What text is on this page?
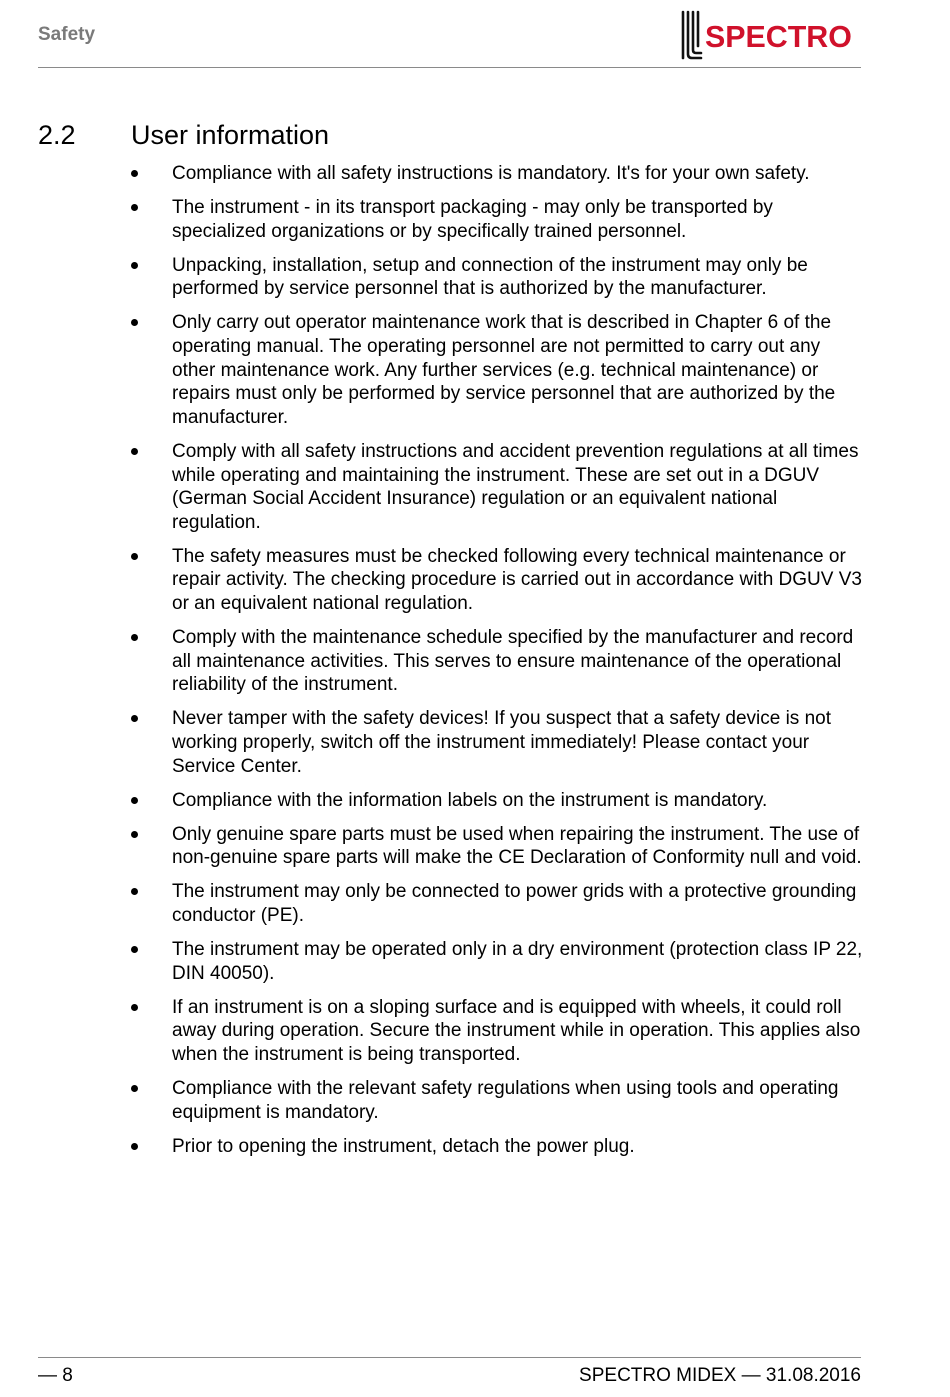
Safety	SPECTRO
2.2 User information
Compliance with all safety instructions is mandatory. It's for your own safety.
The instrument - in its transport packaging - may only be transported by specialized organizations or by specifically trained personnel.
Unpacking, installation, setup and connection of the instrument may only be performed by service personnel that is authorized by the manufacturer.
Only carry out operator maintenance work that is described in Chapter 6 of the operating manual. The operating personnel are not permitted to carry out any other maintenance work. Any further services (e.g. technical maintenance) or repairs must only be performed by service personnel that are authorized by the manufacturer.
Comply with all safety instructions and accident prevention regulations at all times while operating and maintaining the instrument. These are set out in a DGUV (German Social Accident Insurance) regulation or an equivalent national regulation.
The safety measures must be checked following every technical maintenance or repair activity. The checking procedure is carried out in accordance with DGUV V3 or an equivalent national regulation.
Comply with the maintenance schedule specified by the manufacturer and record all maintenance activities. This serves to ensure maintenance of the operational reliability of the instrument.
Never tamper with the safety devices! If you suspect that a safety device is not working properly, switch off the instrument immediately! Please contact your Service Center.
Compliance with the information labels on the instrument is mandatory.
Only genuine spare parts must be used when repairing the instrument. The use of non-genuine spare parts will make the CE Declaration of Conformity null and void.
The instrument may only be connected to power grids with a protective grounding conductor (PE).
The instrument may be operated only in a dry environment (protection class IP 22, DIN 40050).
If an instrument is on a sloping surface and is equipped with wheels, it could roll away during operation. Secure the instrument while in operation. This applies also when the instrument is being transported.
Compliance with the relevant safety regulations when using tools and operating equipment is mandatory.
Prior to opening the instrument, detach the power plug.
— 8	SPECTRO MIDEX — 31.08.2016
